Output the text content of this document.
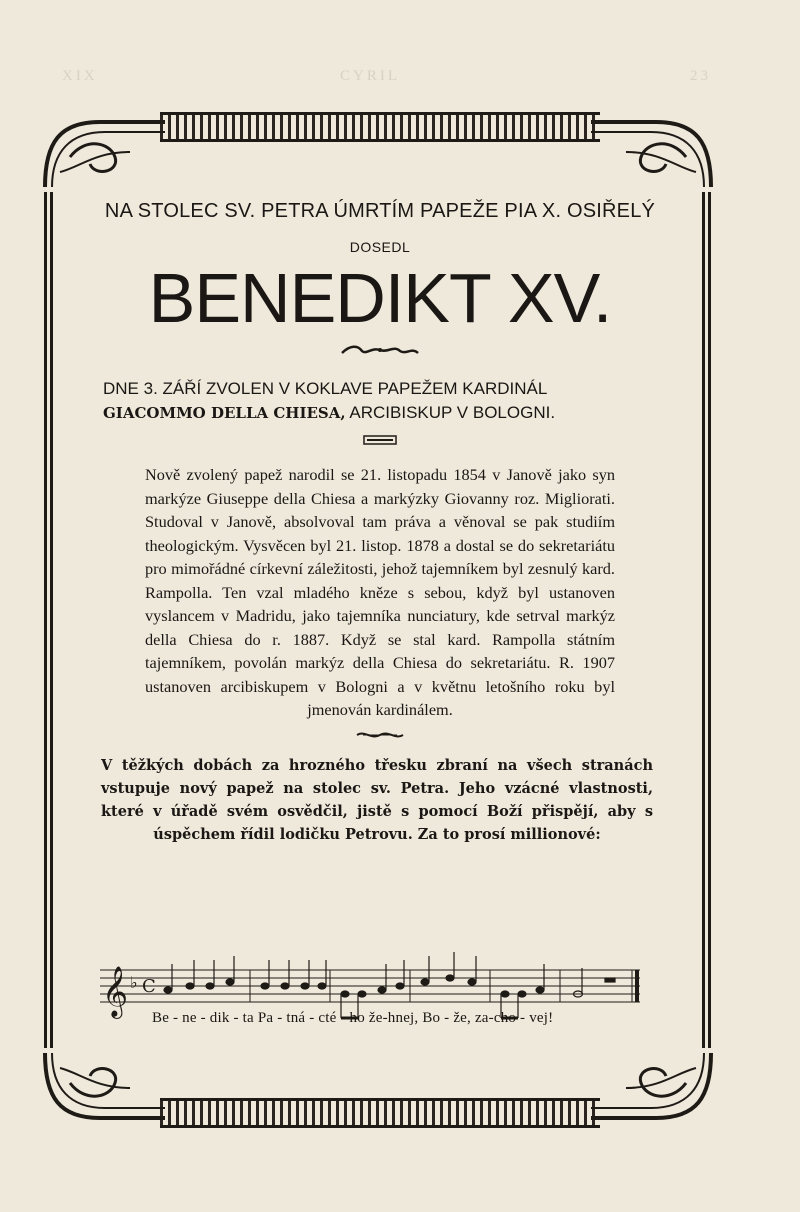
XIX	CYRIL	23

NA STOLEC SV. PETRA ÚMRTÍM PAPEŽE PIA X. OSIŘELÝ

DOSEDL

BENEDIKT XV.

DNE 3. ZÁŘÍ ZVOLEN V KOKLAVE PAPEŽEM KARDINÁL
GIACOMMO DELLA CHIESA, ARCIBISKUP V BOLOGNI.

Nově zvolený papež narodil se 21. listopadu 1854 v Janově jako syn markýze Giuseppe della Chiesa a markýzky Giovanny roz. Migliorati. Studoval v Janově, absolvoval tam práva a věnoval se pak studiím theologickým. Vysvěcen byl 21. listop. 1878 a dostal se do sekretariátu pro mimořádné církevní záležitosti, jehož tajemníkem byl zesnulý kard. Rampolla. Ten vzal mladého kněze s sebou, když byl ustanoven vyslancem v Madridu, jako tajemníka nunciatury, kde setrval markýz della Chiesa do r. 1887. Když se stal kard. Rampolla státním tajemníkem, povolán markýz della Chiesa do sekretariátu. R. 1907 ustanoven arcibiskupem v Bologni a v květnu letošního roku byl jmenován kardinálem.

V těžkých dobách za hrozného třesku zbraní na všech stranách vstupuje nový papež na stolec sv. Petra. Jeho vzácné vlastnosti, které v úřadě svém osvědčil, jistě s pomocí Boží přispějí, aby s úspěchem řídil lodičku Petrovu. Za to prosí millionové:

𝄞 ♭ C
Be - ne - dik - ta Pa - tná - cté - ho že-hnej, Bo - že, za-cho - vej!
